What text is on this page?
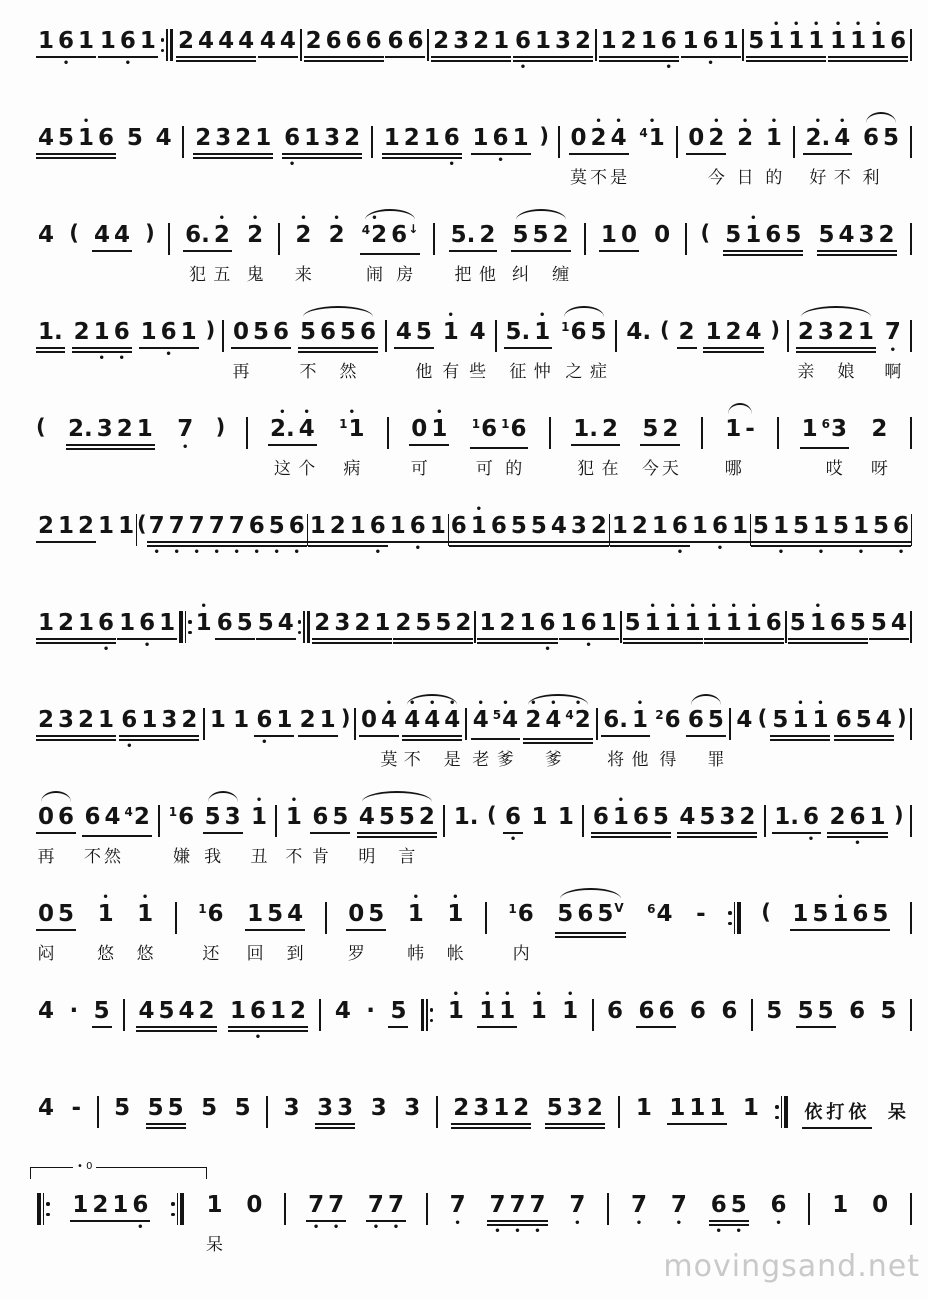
1 6
•
1 1 6
•
1 2 4 4 4 4 4 2 6 6 6 6 6 2 3 2 1 6
•
1 3 2 1 2 1 6
•
1 6
•
1 5
•
1
•
1
•
1
•
1
•
1
•
1 6
4 5
•
1 6 5 4 2 3 2 1 6
•
1 3 2 1 2 1 6
•
1 6
•
1 ) 0
莫
•
2
不
•
4
是
•
4 1 0
•
2
今
•
2
日
•
1
的
•
2.
好
•
4
不
6
利
5
4 ( 4 4 ) 6.
犯
•
2
五
•
2
鬼
•
2
来
•
2
•
4 2
闹
6 ↓
房
5.
把
2
他
5
纠
5 2
缠
1 0 0 ( 5
•
1 6 5 5 4 3 2
1. 2 1
•
6
•
1 6
•
1 ) 0
再
5 6 5
不
6 5
然
6 4 5
他
•
1
有
4
些
5.
征
•
1
忡
1 6
之
5
症
4. ( 2 1 2 4 ) 2
亲
3 2
娘
1 7
•
啊
( 2. 3 2 1 7
•
)
•
2.
这
•
4
个
•
1 1
病
0
可
•
1 1 6
可
1 6
的
1.
犯
2
在
5
今
2
天
1
哪
- 1 6 3
哎
2
呀
2 1 2 1 1 ( 7
•
7
•
7
•
7
•
7
•
6
•
5
•
6
•
1 2 1 6
•
1 6
•
1 6
•
1 6 5 5 4 3 2 1 2 1 6
•
1 6
•
1 5 1
•
5 1
•
5 1
•
5 6
•
1 2 1 6
•
1 6
•
1
•
1 6 5 5 4 2 3 2 1 2 5 5 2 1 2 1 6
•
1 6
•
1 5
•
1
•
1
•
1
•
1
•
1
•
1 6 5
•
1 6 5 5 4
2 3 2 1 6
•
1 3 2 1 1 6
•
1 2 1 ) 0
•
4
莫
•
4
不
•
4
•
4
是
•
4
老
•
5 4
爹
•
2
•
4
爹
•
4 2 6.
将
•
1
他
2 6
得
6 5
罪
4 ( 5
•
1
•
1 6 5 4 )
0
再
6 6
不
4
然
4 2 1 6
嫌
5
我
3
•
1
丑
•
1
不
6
肯
5 4
明
5 5
言
2 1. ( 6
•
1 1 6
•
1 6 5 4 5 3 2 1. 6
•
2 6
•
1 )
0
闷
5
•
1
悠
•
1
悠
1 6
还
1
回
5 4
到
0
罗
5
•
1
帏
•
1
帐
1 6
内
5 6 5 V 6 4 -	( 1 5
•
1 6 5
4 · 5 4 5 4 2 1 6
•
1 2 4 · 5
•
1
•
1
•
1
•
1
•
1 6 6 6 6 6 5 5 5 6 5
4 - 5 5 5 5 5 3 3 3 3 3 2 3 1 2 5 3 2 1 1 1 1 1	依打依 呆
• 0
1 2 1 6
•
1
呆
0 7
•
7
•
7
•
7
•
7
•
7
•
7
•
7
•
7
•
7
•
7
•
6
•
5
•
6
•
1 0
movingsand.net
